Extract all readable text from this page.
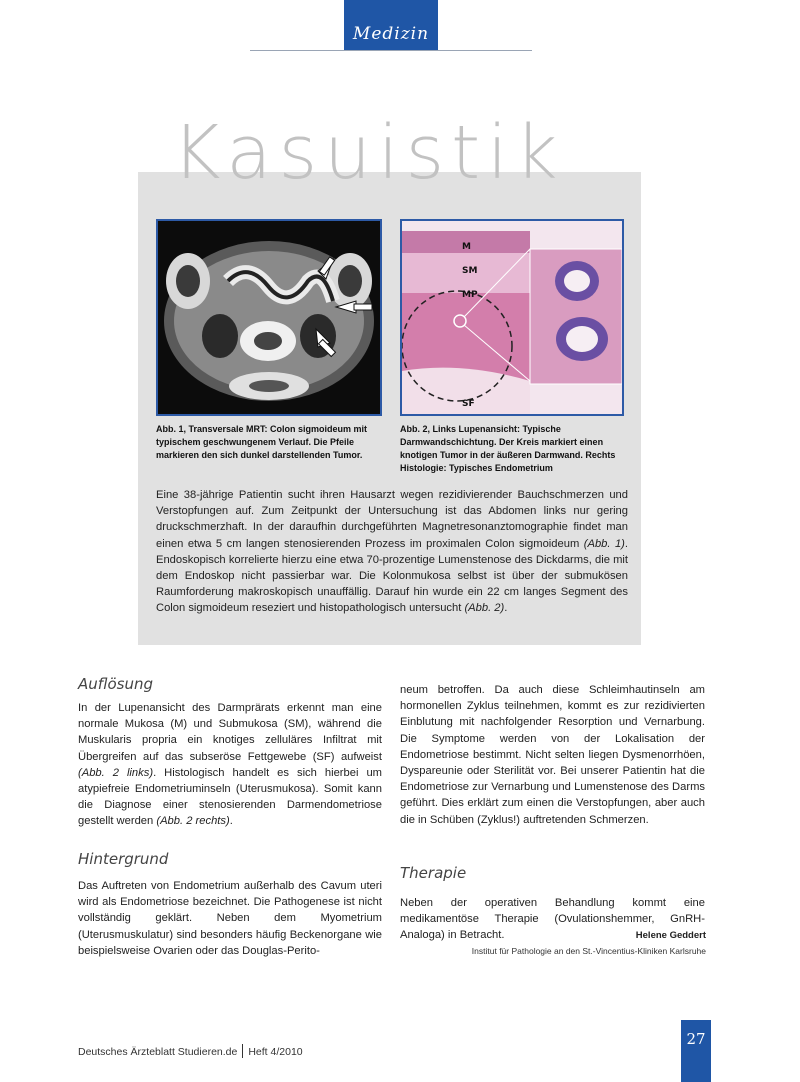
Medizin
Kasuistik
Abb. 1, Transversale MRT: Colon sigmoideum mit typischem geschwungenem Verlauf. Die Pfeile markieren den sich dunkel darstellenden Tumor.
M
SM
MP
SF
Abb. 2, Links Lupenansicht: Typische Darmwandschichtung. Der Kreis markiert einen knotigen Tumor in der äußeren Darmwand. Rechts Histologie: Typisches Endometrium
Eine 38-jährige Patientin sucht ihren Hausarzt wegen rezidivierender Bauchschmerzen und Verstopfungen auf. Zum Zeitpunkt der Untersuchung ist das Abdomen links nur gering druckschmerzhaft. In der daraufhin durchgeführten Magnetresonanztomographie findet man einen etwa 5 cm langen stenosierenden Prozess im proximalen Colon sigmoideum (Abb. 1). Endoskopisch korrelierte hierzu eine etwa 70-prozentige Lumenstenose des Dickdarms, die mit dem Endoskop nicht passierbar war. Die Kolonmukosa selbst ist über der submukösen Raumforderung makroskopisch unauffällig. Darauf hin wurde ein 22 cm langes Segment des Colon sigmoideum reseziert und histopathologisch untersucht (Abb. 2).
Auflösung
In der Lupenansicht des Darmprärats erkennt man eine normale Mukosa (M) und Submukosa (SM), während die Muskularis propria ein knotiges zelluläres Infiltrat mit Übergreifen auf das subseröse Fettgewebe (SF) aufweist (Abb. 2 links). Histologisch handelt es sich hierbei um atypiefreie Endometriuminseln (Uterusmukosa). Somit kann die Diagnose einer stenosierenden Darmendometriose gestellt werden (Abb. 2 rechts).
Hintergrund
Das Auftreten von Endometrium außerhalb des Cavum uteri wird als Endometriose bezeichnet. Die Pathogenese ist nicht vollständig geklärt. Neben dem Myometrium (Uterusmuskulatur) sind besonders häufig Beckenorgane wie beispielsweise Ovarien oder das Douglas-Perito-
neum betroffen. Da auch diese Schleimhautinseln am hormonellen Zyklus teilnehmen, kommt es zur rezidivierten Einblutung mit nachfolgender Resorption und Vernarbung. Die Symptome werden von der Lokalisation der Endometriose bestimmt. Nicht selten liegen Dysmenorrhöen, Dyspareunie oder Sterilität vor. Bei unserer Patientin hat die Endometriose zur Vernarbung und Lumenstenose des Darms geführt. Dies erklärt zum einen die Verstopfungen, aber auch die in Schüben (Zyklus!) auftretenden Schmerzen.
Therapie
Neben der operativen Behandlung kommt eine medikamentöse Therapie (Ovulationshemmer, GnRH-Analoga) in Betracht.	Helene Geddert
Institut für Pathologie an den St.-Vincentius-Kliniken Karlsruhe
Deutsches Ärzteblatt Studieren.de Heft 4/2010
27
